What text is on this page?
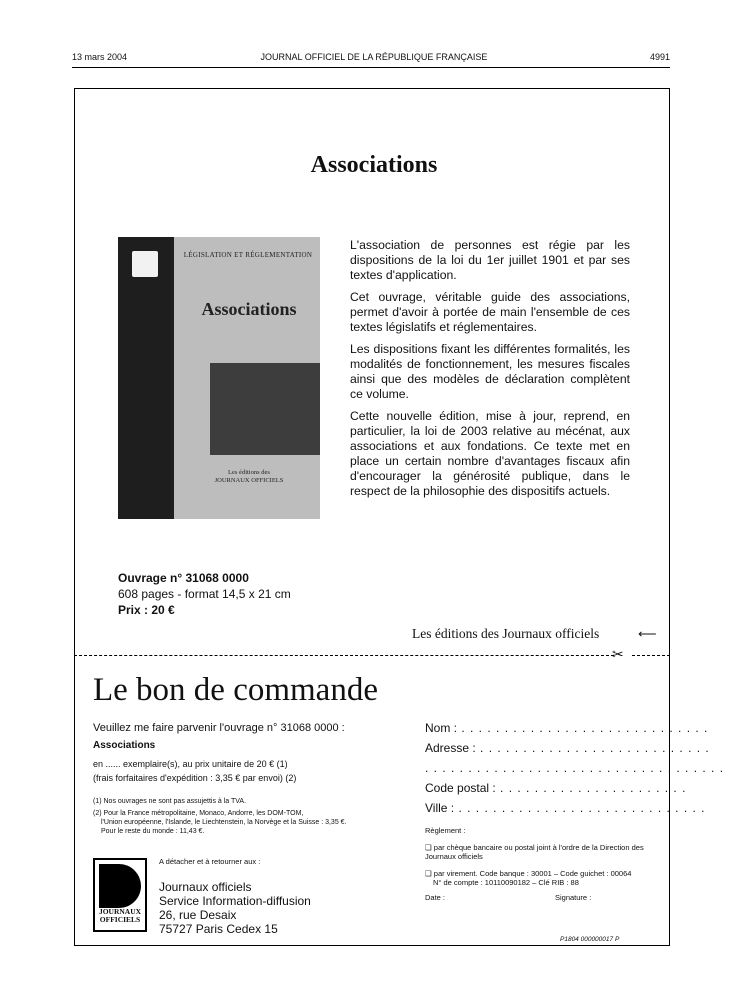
13 mars 2004	JOURNAL OFFICIEL DE LA RÉPUBLIQUE FRANÇAISE	4991
Associations
LÉGISLATION ET RÉGLEMENTATION
Associations
Les éditions des
JOURNAUX OFFICIELS

L'association de personnes est régie par les dispositions de la loi du 1er juillet 1901 et par ses textes d'application.

Cet ouvrage, véritable guide des associations, permet d'avoir à portée de main l'ensemble de ces textes législatifs et réglementaires.

Les dispositions fixant les différentes formalités, les modalités de fonctionnement, les mesures fiscales ainsi que des modèles de déclaration complètent ce volume.

Cette nouvelle édition, mise à jour, reprend, en particulier, la loi de 2003 relative au mécénat, aux associations et aux fondations. Ce texte met en place un certain nombre d'avantages fiscaux afin d'encourager la générosité publique, dans le respect de la philosophie des dispositifs actuels.

Ouvrage n° 31068 0000
608 pages - format 14,5 x 21 cm
Prix : 20 €
Les éditions des Journaux officiels	⟵
✂
Le bon de commande
Veuillez me faire parvenir l'ouvrage n° 31068 0000 :
Associations
en ...... exemplaire(s), au prix unitaire de 20 € (1)
(frais forfaitaires d'expédition : 3,35 € par envoi) (2)
(1) Nos ouvrages ne sont pas assujettis à la TVA.
(2) Pour la France métropolitaine, Monaco, Andorre, les DOM-TOM,
l'Union européenne, l'Islande, le Liechtenstein, la Norvège et la Suisse : 3,35 €.
Pour le reste du monde : 11,43 €.
JOURNAUX
OFFICIELS
A détacher et à retourner aux :
Journaux officiels
Service Information-diffusion
26, rue Desaix
75727 Paris Cedex 15
Nom : . . . . . . . . . . . . . . . . . . . . . . . . . . . . .
Adresse : . . . . . . . . . . . . . . . . . . . . . . . . . . .
. . . . . . . . . . . . . . . . . . . . . . . . . . . . . . . . . . .
Code postal : . . . . . . . . . . . . . . . . . . . . . .
Ville : . . . . . . . . . . . . . . . . . . . . . . . . . . . . .
Règlement :
❑ par chèque bancaire ou postal joint à l'ordre de la Direction des Journaux officiels
❑ par virement. Code banque : 30001 – Code guichet : 00064
N° de compte : 10110090182 – Clé RIB : 88
Date :	Signature :
P1804 000000017 P
